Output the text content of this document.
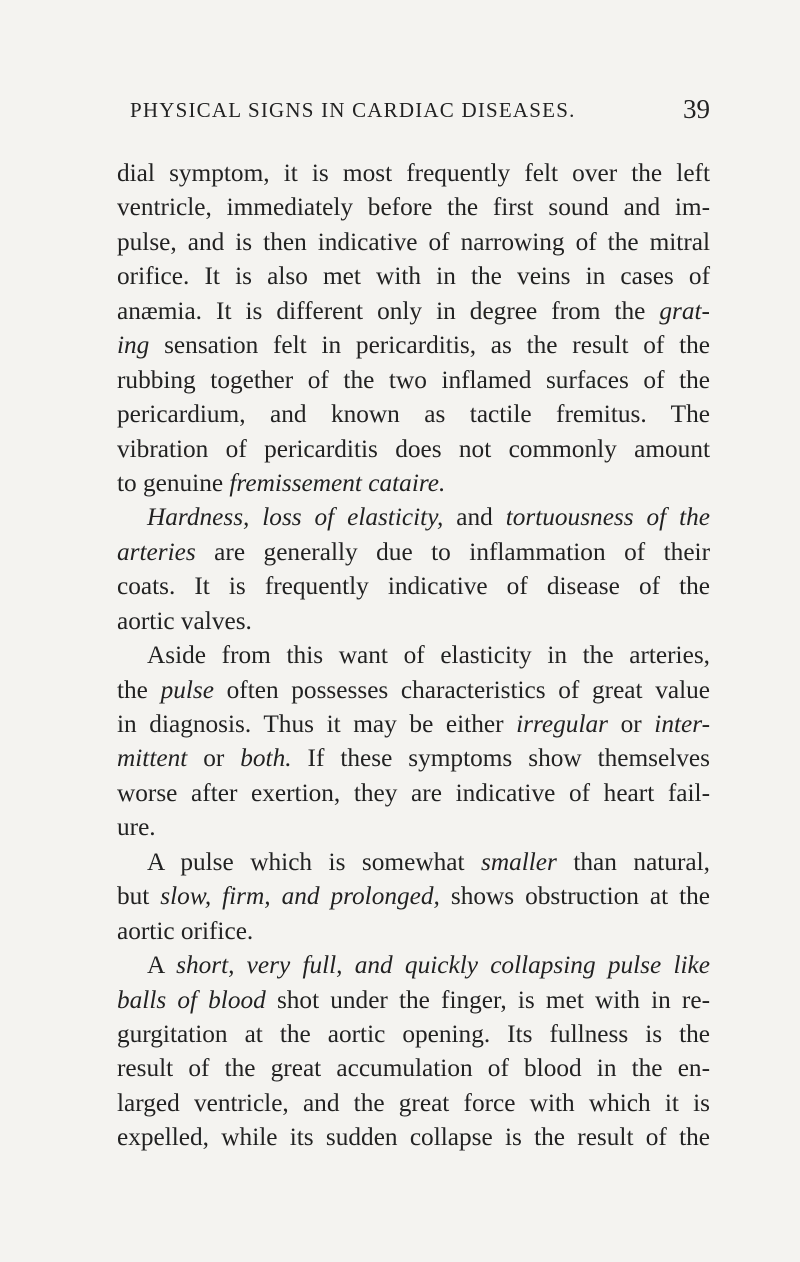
PHYSICAL SIGNS IN CARDIAC DISEASES.	39
dial symptom, it is most frequently felt over the left
ventricle, immediately before the first sound and im-
pulse, and is then indicative of narrowing of the mitral
orifice. It is also met with in the veins in cases of
anæmia. It is different only in degree from the grat-
ing sensation felt in pericarditis, as the result of the
rubbing together of the two inflamed surfaces of the
pericardium, and known as tactile fremitus. The
vibration of pericarditis does not commonly amount
to genuine fremissement cataire.
Hardness, loss of elasticity, and tortuousness of the
arteries are generally due to inflammation of their
coats. It is frequently indicative of disease of the
aortic valves.
Aside from this want of elasticity in the arteries,
the pulse often possesses characteristics of great value
in diagnosis. Thus it may be either irregular or inter-
mittent or both. If these symptoms show themselves
worse after exertion, they are indicative of heart fail-
ure.
A pulse which is somewhat smaller than natural,
but slow, firm, and prolonged, shows obstruction at the
aortic orifice.
A short, very full, and quickly collapsing pulse like
balls of blood shot under the finger, is met with in re-
gurgitation at the aortic opening. Its fullness is the
result of the great accumulation of blood in the en-
larged ventricle, and the great force with which it is
expelled, while its sudden collapse is the result of the
